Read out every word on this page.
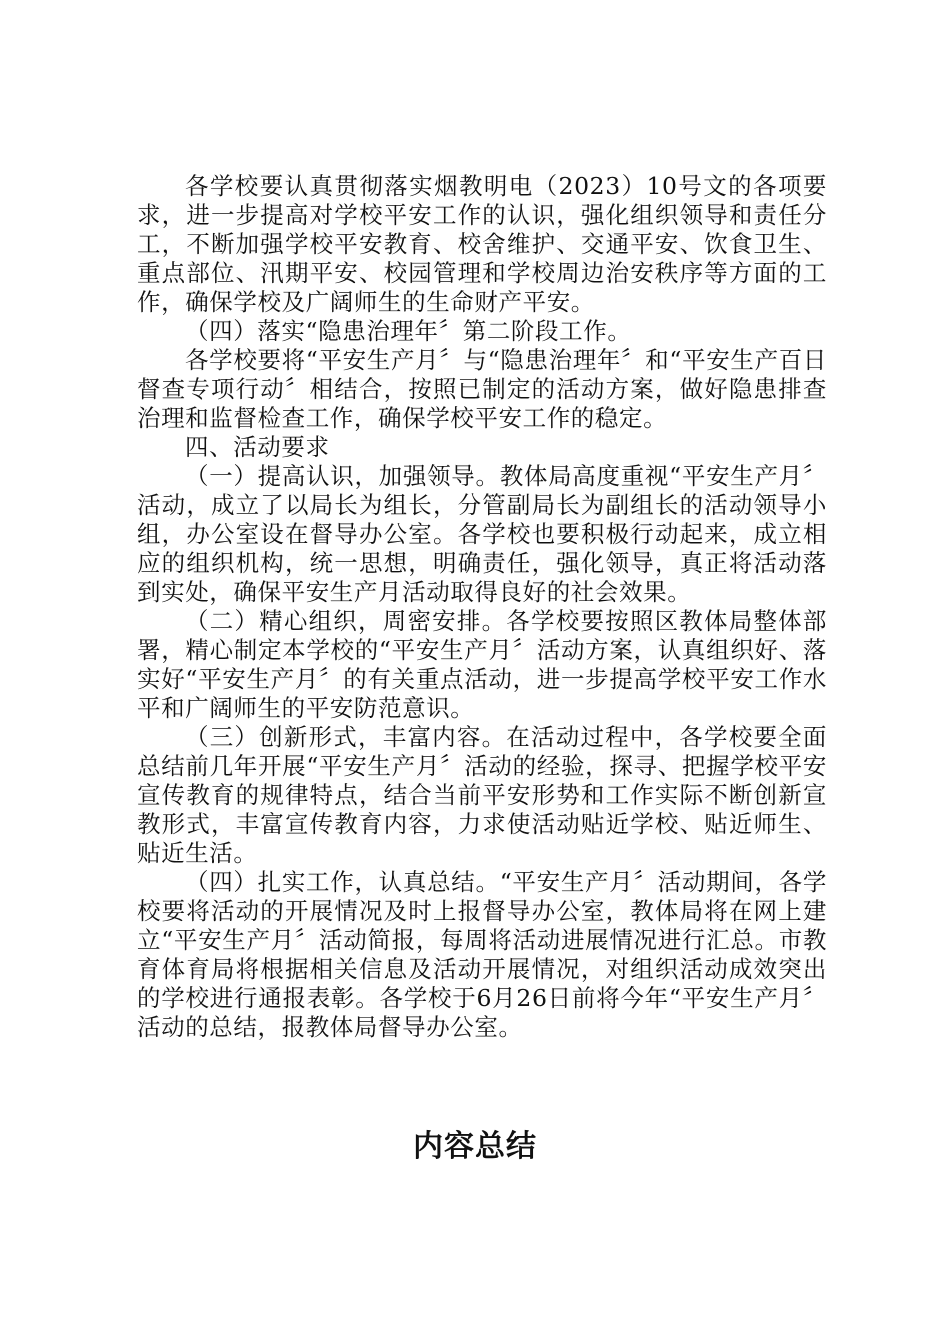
各学校要认真贯彻落实烟教明电（2023）10号文的各项要求，进一步提高对学校平安工作的认识，强化组织领导和责任分工，不断加强学校平安教育、校舍维护、交通平安、饮食卫生、重点部位、汛期平安、校园管理和学校周边治安秩序等方面的工作，确保学校及广阔师生的生命财产平安。

（四）落实“隐患治理年〞第二阶段工作。

各学校要将“平安生产月〞与“隐患治理年〞和“平安生产百日督查专项行动〞相结合，按照已制定的活动方案，做好隐患排查治理和监督检查工作，确保学校平安工作的稳定。

四、活动要求

（一）提高认识，加强领导。教体局高度重视“平安生产月〞活动，成立了以局长为组长，分管副局长为副组长的活动领导小组，办公室设在督导办公室。各学校也要积极行动起来，成立相应的组织机构，统一思想，明确责任，强化领导，真正将活动落到实处，确保平安生产月活动取得良好的社会效果。

（二）精心组织，周密安排。各学校要按照区教体局整体部署，精心制定本学校的“平安生产月〞活动方案，认真组织好、落实好“平安生产月〞的有关重点活动，进一步提高学校平安工作水平和广阔师生的平安防范意识。

（三）创新形式，丰富内容。在活动过程中，各学校要全面总结前几年开展“平安生产月〞活动的经验，探寻、把握学校平安宣传教育的规律特点，结合当前平安形势和工作实际不断创新宣教形式，丰富宣传教育内容，力求使活动贴近学校、贴近师生、贴近生活。

（四）扎实工作，认真总结。“平安生产月〞活动期间，各学校要将活动的开展情况及时上报督导办公室，教体局将在网上建立“平安生产月〞活动简报，每周将活动进展情况进行汇总。市教育体育局将根据相关信息及活动开展情况，对组织活动成效突出的学校进行通报表彰。各学校于6月26日前将今年“平安生产月〞活动的总结，报教体局督导办公室。

内容总结
